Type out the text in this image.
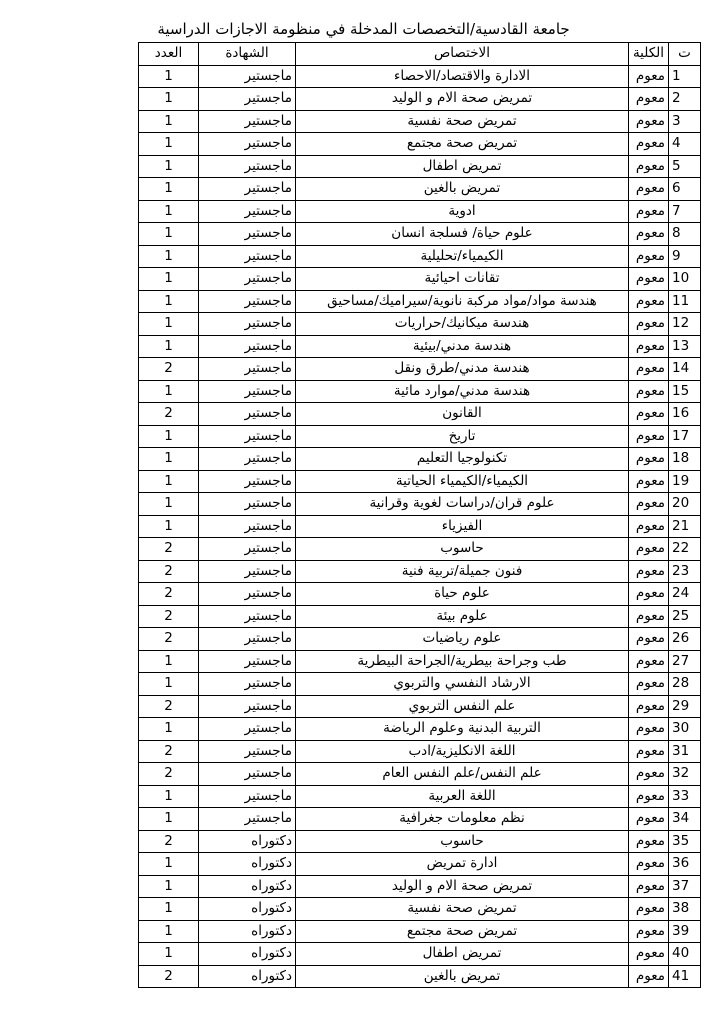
جامعة القادسية/التخصصات المدخلة في منظومة الاجازات الدراسية
ت	الكلية	الاختصاص	الشهادة	العدد
1	معوم	الادارة والاقتصاد/الاحصاء	ماجستير	1
2	معوم	تمريض صحة الام و الوليد	ماجستير	1
3	معوم	تمريض صحة نفسية	ماجستير	1
4	معوم	تمريض صحة مجتمع	ماجستير	1
5	معوم	تمريض اطفال	ماجستير	1
6	معوم	تمريض بالغين	ماجستير	1
7	معوم	ادوية	ماجستير	1
8	معوم	علوم حياة/ فسلجة انسان	ماجستير	1
9	معوم	الكيمياء/تحليلية	ماجستير	1
10	معوم	تقانات احيائية	ماجستير	1
11	معوم	هندسة مواد/مواد مركبة نانوية/سيراميك/مساحيق	ماجستير	1
12	معوم	هندسة ميكانيك/حراريات	ماجستير	1
13	معوم	هندسة مدني/بيئية	ماجستير	1
14	معوم	هندسة مدني/طرق ونقل	ماجستير	2
15	معوم	هندسة مدني/موارد مائية	ماجستير	1
16	معوم	القانون	ماجستير	2
17	معوم	تاريخ	ماجستير	1
18	معوم	تكنولوجيا التعليم	ماجستير	1
19	معوم	الكيمياء/الكيمياء الحياتية	ماجستير	1
20	معوم	علوم قران/دراسات لغوية وقرانية	ماجستير	1
21	معوم	الفيزياء	ماجستير	1
22	معوم	حاسوب	ماجستير	2
23	معوم	فنون جميلة/تربية فنية	ماجستير	2
24	معوم	علوم حياة	ماجستير	2
25	معوم	علوم بيئة	ماجستير	2
26	معوم	علوم رياضيات	ماجستير	2
27	معوم	طب وجراحة بيطرية/الجراحة البيطرية	ماجستير	1
28	معوم	الارشاد النفسي والتربوي	ماجستير	1
29	معوم	علم النفس التربوي	ماجستير	2
30	معوم	التربية البدنية وعلوم الرياضة	ماجستير	1
31	معوم	اللغة الانكليزية/ادب	ماجستير	2
32	معوم	علم النفس/علم النفس العام	ماجستير	2
33	معوم	اللغة العربية	ماجستير	1
34	معوم	نظم معلومات جغرافية	ماجستير	1
35	معوم	حاسوب	دكتوراه	2
36	معوم	ادارة تمريض	دكتوراه	1
37	معوم	تمريض صحة الام و الوليد	دكتوراه	1
38	معوم	تمريض صحة نفسية	دكتوراه	1
39	معوم	تمريض صحة مجتمع	دكتوراه	1
40	معوم	تمريض اطفال	دكتوراه	1
41	معوم	تمريض بالغين	دكتوراه	2
